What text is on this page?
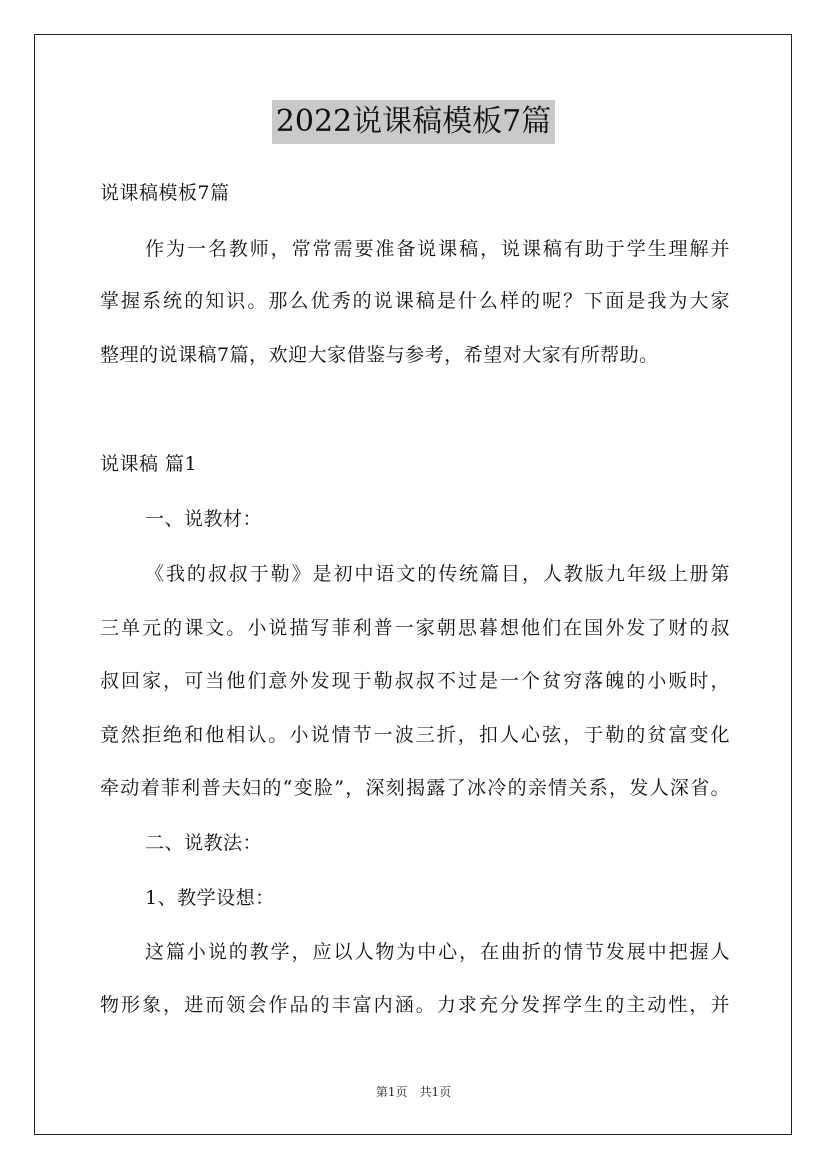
2022说课稿模板7篇
说课稿模板7篇
作为一名教师，常常需要准备说课稿，说课稿有助于学生理解并
掌握系统的知识。那么优秀的说课稿是什么样的呢？下面是我为大家
整理的说课稿7篇，欢迎大家借鉴与参考，希望对大家有所帮助。
说课稿 篇1
一、说教材：
《我的叔叔于勒》是初中语文的传统篇目，人教版九年级上册第
三单元的课文。小说描写菲利普一家朝思暮想他们在国外发了财的叔
叔回家，可当他们意外发现于勒叔叔不过是一个贫穷落魄的小贩时，
竟然拒绝和他相认。小说情节一波三折，扣人心弦，于勒的贫富变化
牵动着菲利普夫妇的“变脸”，深刻揭露了冰冷的亲情关系，发人深省。
二、说教法：
1、教学设想：
这篇小说的教学，应以人物为中心，在曲折的情节发展中把握人
物形象，进而领会作品的丰富内涵。力求充分发挥学生的主动性，并
第1页　共1页
